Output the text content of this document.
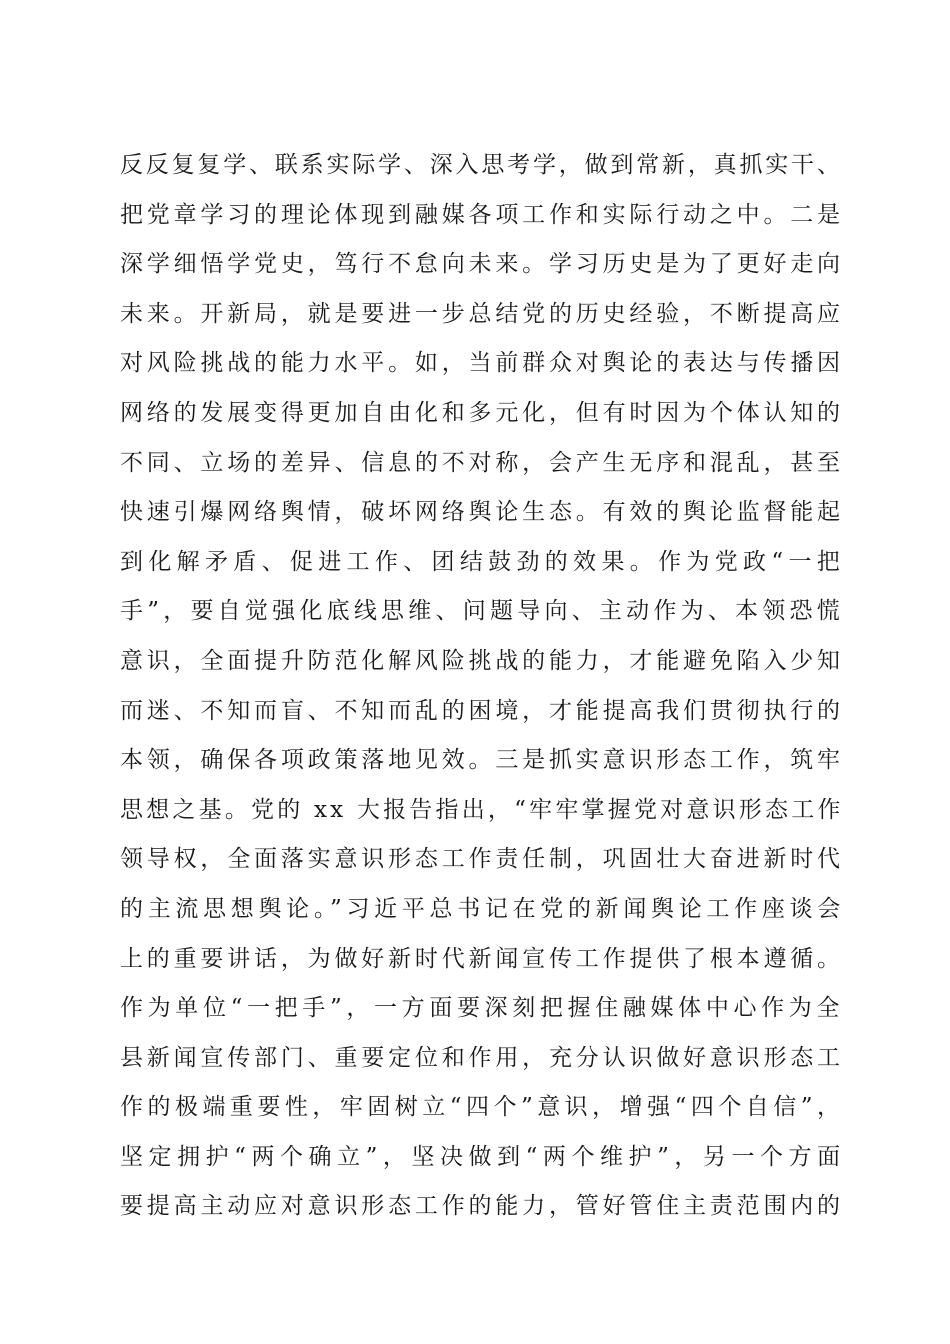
反反复复学、联系实际学、深入思考学，做到常新，真抓实干、
把党章学习的理论体现到融媒各项工作和实际行动之中。二是
深学细悟学党史，笃行不怠向未来。学习历史是为了更好走向
未来。开新局，就是要进一步总结党的历史经验，不断提高应
对风险挑战的能力水平。如，当前群众对舆论的表达与传播因
网络的发展变得更加自由化和多元化，但有时因为个体认知的
不同、立场的差异、信息的不对称，会产生无序和混乱，甚至
快速引爆网络舆情，破坏网络舆论生态。有效的舆论监督能起
到化解矛盾、促进工作、团结鼓劲的效果。作为党政“一把
手”，要自觉强化底线思维、问题导向、主动作为、本领恐慌
意识，全面提升防范化解风险挑战的能力，才能避免陷入少知
而迷、不知而盲、不知而乱的困境，才能提高我们贯彻执行的
本领，确保各项政策落地见效。三是抓实意识形态工作，筑牢
思想之基。党的 xx 大报告指出，“牢牢掌握党对意识形态工作
领导权，全面落实意识形态工作责任制，巩固壮大奋进新时代
的主流思想舆论。”习近平总书记在党的新闻舆论工作座谈会
上的重要讲话，为做好新时代新闻宣传工作提供了根本遵循。
作为单位“一把手”，一方面要深刻把握住融媒体中心作为全
县新闻宣传部门、重要定位和作用，充分认识做好意识形态工
作的极端重要性，牢固树立“四个”意识，增强“四个自信”，
坚定拥护“两个确立”，坚决做到“两个维护”，另一个方面
要提高主动应对意识形态工作的能力，管好管住主责范围内的
